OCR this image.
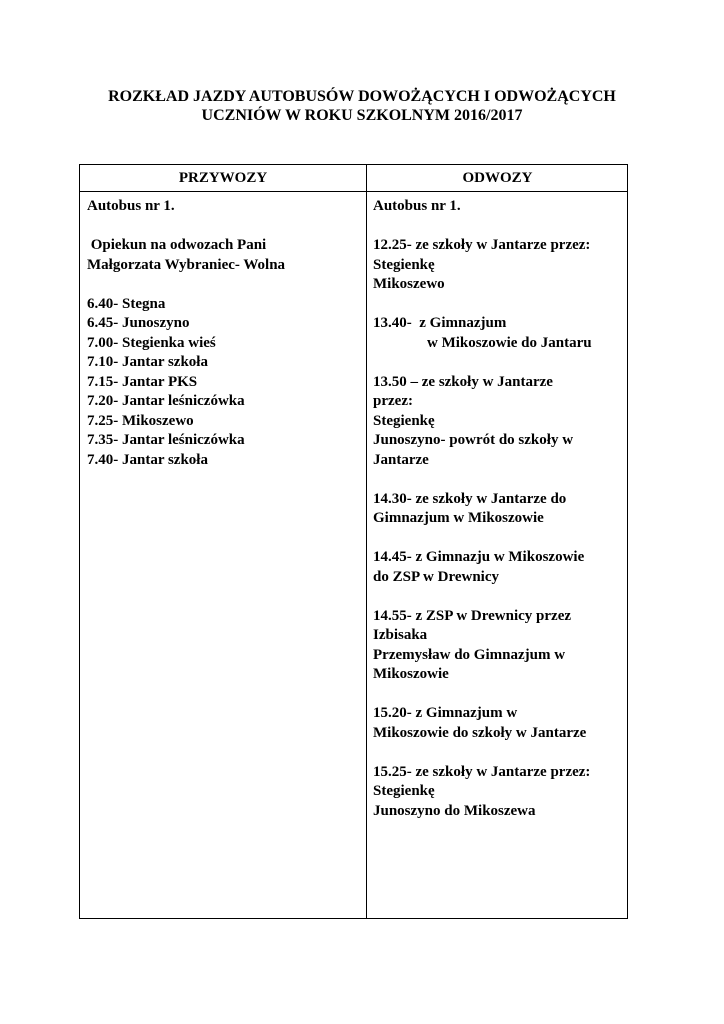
ROZKŁAD JAZDY AUTOBUSÓW DOWOŻĄCYCH I ODWOŻĄCYCH
UCZNIÓW W ROKU SZKOLNYM 2016/2017
PRZYWOZY	ODWOZY
Autobus nr 1.
Opiekun na odwozach Pani
Małgorzata Wybraniec- Wolna
6.40- Stegna
6.45- Junoszyno
7.00- Stegienka wieś
7.10- Jantar szkoła
7.15- Jantar PKS
7.20- Jantar leśniczówka
7.25- Mikoszewo
7.35- Jantar leśniczówka
7.40- Jantar szkoła
Autobus nr 1.
12.25- ze szkoły w Jantarze przez:
Stegienkę
Mikoszewo
13.40-  z Gimnazjum
w Mikoszowie do Jantaru
13.50 – ze szkoły w Jantarze
przez:
Stegienkę
Junoszyno- powrót do szkoły w
Jantarze
14.30- ze szkoły w Jantarze do
Gimnazjum w Mikoszowie
14.45- z Gimnazju w Mikoszowie
do ZSP w Drewnicy
14.55- z ZSP w Drewnicy przez
Izbisaka
Przemysław do Gimnazjum w
Mikoszowie
15.20- z Gimnazjum w
Mikoszowie do szkoły w Jantarze
15.25- ze szkoły w Jantarze przez:
Stegienkę
Junoszyno do Mikoszewa
